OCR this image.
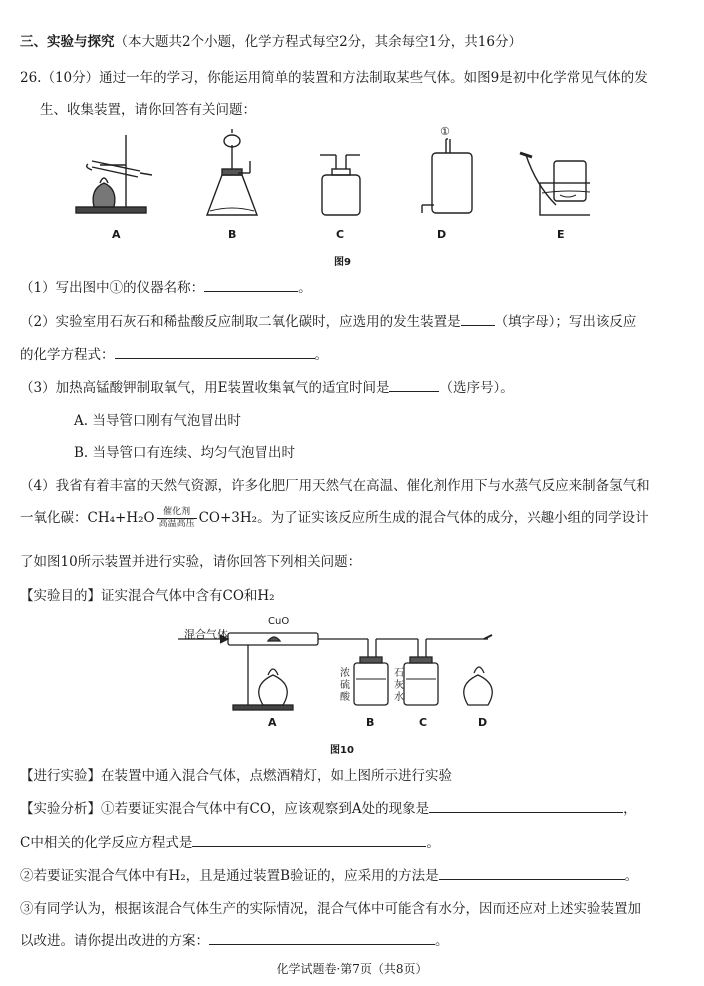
三、实验与探究（本大题共2个小题，化学方程式每空2分，其余每空1分，共16分）
26.（10分）通过一年的学习，你能运用简单的装置和方法制取某些气体。如图9是初中化学常见气体的发
生、收集装置，请你回答有关问题：
A	B	C	D	E
①
图9
（1）写出图中①的仪器名称：	。
（2）实验室用石灰石和稀盐酸反应制取二氧化碳时，应选用的发生装置是	（填字母）；写出该反应
的化学方程式：	。
（3）加热高锰酸钾制取氧气，用E装置收集氧气的适宜时间是	（选序号）。
A. 当导管口刚有气泡冒出时
B. 当导管口有连续、均匀气泡冒出时
（4）我省有着丰富的天然气资源，许多化肥厂用天然气在高温、催化剂作用下与水蒸气反应来制备氢气和
一氧化碳：$CH_4+H_2O \frac{\text{催化剂}}{\text{高温高压}} CO+3H_2$。为了证实该反应所生成的混合气体的成分，兴趣小组的同学设计
了如图10所示装置并进行实验，请你回答下列相关问题：
【实验目的】证实混合气体中含有CO和H₂
混合气体
CuO
浓硫酸
石灰水
A	B	C	D
图10
【进行实验】在装置中通入混合气体，点燃酒精灯，如上图所示进行实验
【实验分析】①若要证实混合气体中有CO，应该观察到A处的现象是	，
C中相关的化学反应方程式是	。
②若要证实混合气体中有H₂，且是通过装置B验证的，应采用的方法是	。
③有同学认为，根据该混合气体生产的实际情况，混合气体中可能含有水分，因而还应对上述实验装置加
以改进。请你提出改进的方案：	。
化学试题卷·第7页（共8页）
